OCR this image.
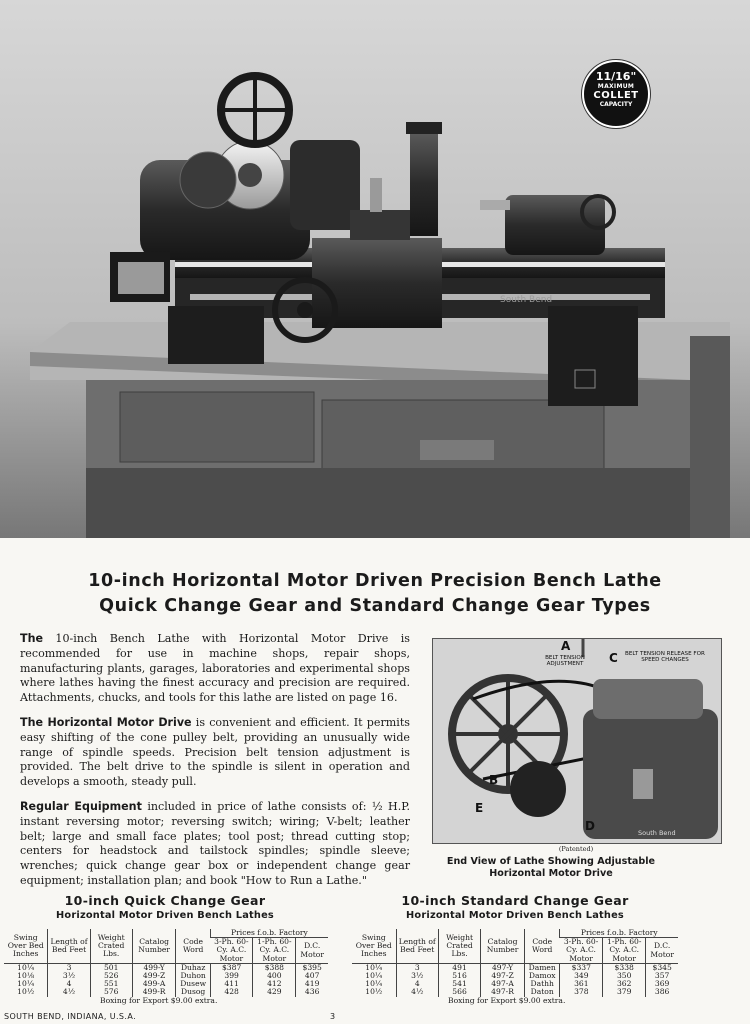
South Bend
11/16"
MAXIMUM
COLLET
CAPACITY
10-inch Horizontal Motor Driven Precision Bench Lathe
Quick Change Gear and Standard Change Gear Types

The 10-inch Bench Lathe with Horizontal Motor Drive is recommended for use in machine shops, repair shops, manufacturing plants, garages, laboratories and experimental shops where lathes having the finest accuracy and precision are required. Attachments, chucks, and tools for this lathe are listed on page 16.

The Horizontal Motor Drive is convenient and efficient. It permits easy shifting of the cone pulley belt, providing an unusually wide range of spindle speeds. Precision belt tension adjustment is provided. The belt drive to the spindle is silent in operation and develops a smooth, steady pull.

Regular Equipment included in price of lathe consists of: ½ H.P. instant reversing motor; reversing switch; wiring; V-belt; leather belt; large and small face plates; tool post; thread cutting stop; centers for headstock and tailstock spindles; spindle sleeve; wrenches; quick change gear box or independent change gear equipment; installation plan; and book "How to Run a Lathe."

South Bend
A
BELT TENSION ADJUSTMENT	C BELT TENSION RELEASE FOR SPEED CHANGES
B
E
D
(Patented)
End View of Lathe Showing Adjustable
Horizontal Motor Drive
10-inch Quick Change Gear
Horizontal Motor Driven Bench Lathes
Swing Over Bed Inches	Length of Bed Feet	Weight Crated Lbs.	Catalog Number	Code Word	Prices f.o.b. Factory		
					3-Ph. 60-Cy. A.C. Motor	1-Ph. 60-Cy. A.C. Motor	D.C. Motor
10¼	3	501	499-Y	Duhaz	$387	$388	$395
10⅛	3½	526	499-Z	Duhon	399	400	407
10¼	4	551	499-A	Dusew	411	412	419
10½	4½	576	499-R	Dusog	428	429	436
Boxing for Export $9.00 extra.
10-inch Standard Change Gear
Horizontal Motor Driven Bench Lathes
Swing Over Bed Inches	Length of Bed Feet	Weight Crated Lbs.	Catalog Number	Code Word	Prices f.o.b. Factory		
					3-Ph. 60-Cy. A.C. Motor	1-Ph. 60-Cy. A.C. Motor	D.C. Motor
10¼	3	491	497-Y	Damen	$337	$338	$345
10¼	3½	516	497-Z	Damox	349	350	357
10¼	4	541	497-A	Dathh	361	362	369
10½	4½	566	497-R	Daton	378	379	386
Boxing for Export $9.00 extra.
SOUTH BEND, INDIANA, U.S.A.	3
